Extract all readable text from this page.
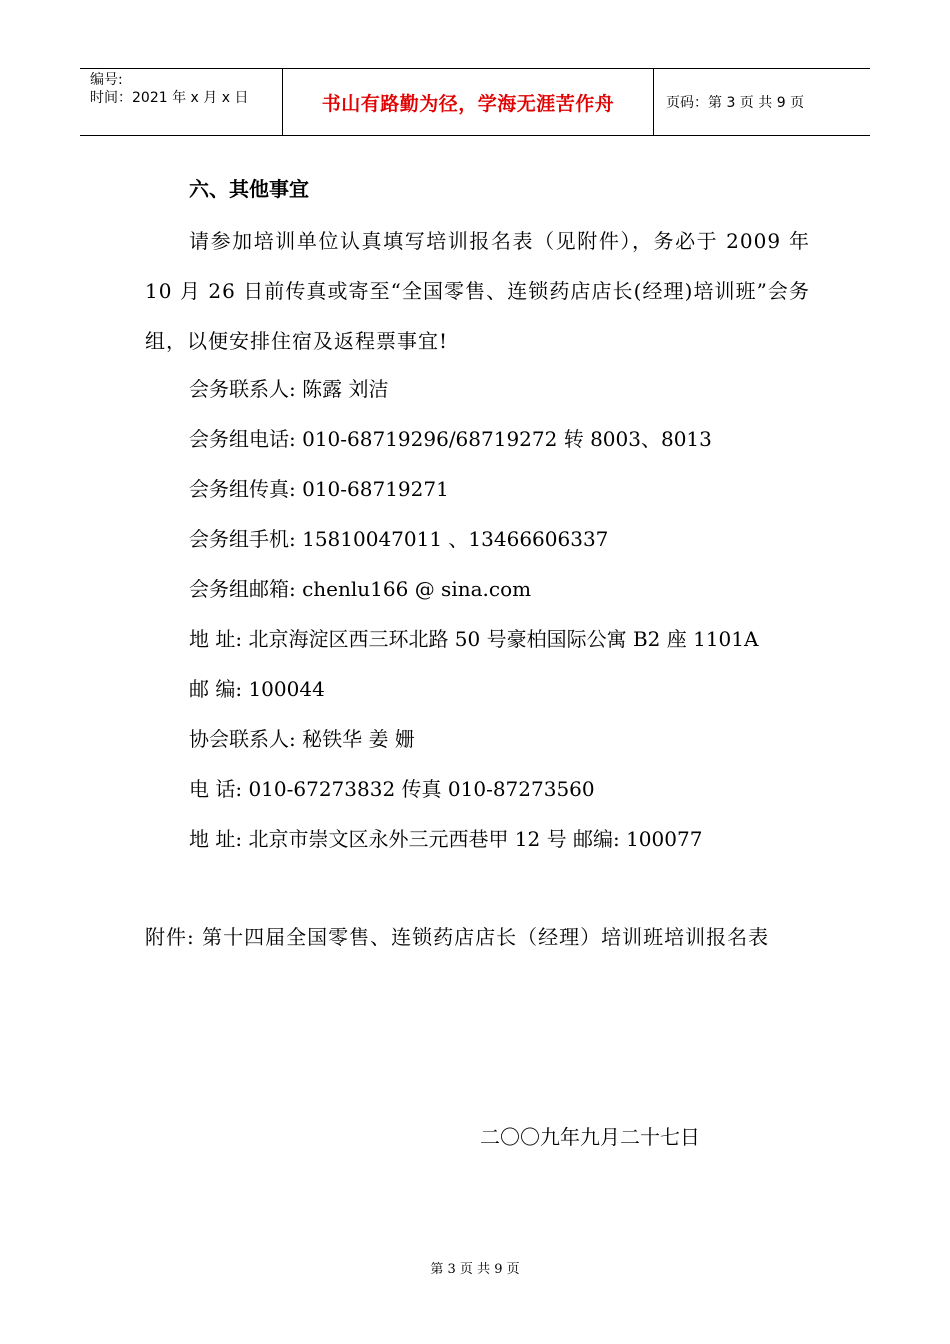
编号:
时间：2021 年 x 月 x 日	书山有路勤为径，学海无涯苦作舟	页码：第 3 页 共 9 页
六、其他事宜
请参加培训单位认真填写培训报名表（见附件），务必于 2009 年 10 月 26 日前传真或寄至“全国零售、连锁药店店长(经理)培训班”会务组，以便安排住宿及返程票事宜!
会务联系人: 陈露 刘洁
会务组电话: 010-68719296/68719272 转 8003、8013
会务组传真: 010-68719271
会务组手机: 15810047011 、13466606337
会务组邮箱: chenlu166 @ sina.com
地 址: 北京海淀区西三环北路 50 号豪柏国际公寓 B2 座 1101A
邮 编: 100044
协会联系人: 秘铁华 姜 姗
电 话: 010-67273832 传真 010-87273560
地 址: 北京市崇文区永外三元西巷甲 12 号 邮编: 100077
附件: 第十四届全国零售、连锁药店店长（经理）培训班培训报名表
二〇〇九年九月二十七日
第 3 页 共 9 页
